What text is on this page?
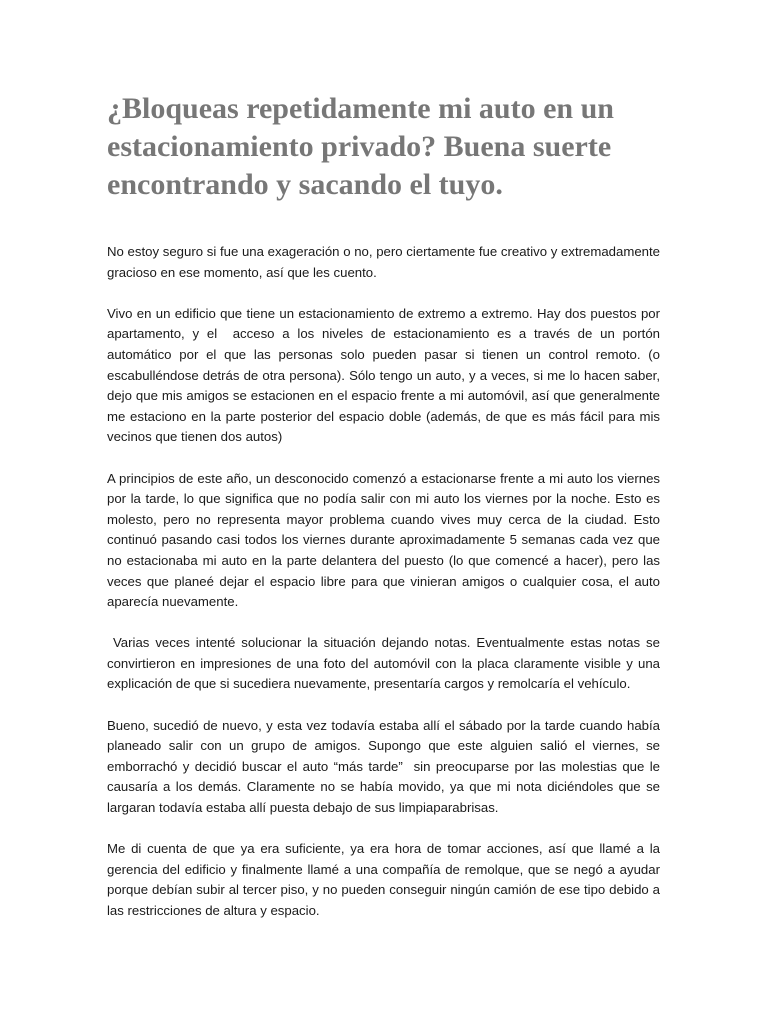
¿Bloqueas repetidamente mi auto en un estacionamiento privado? Buena suerte encontrando y sacando el tuyo.

No estoy seguro si fue una exageración o no, pero ciertamente fue creativo y extremadamente gracioso en ese momento, así que les cuento.

Vivo en un edificio que tiene un estacionamiento de extremo a extremo. Hay dos puestos por apartamento, y el  acceso a los niveles de estacionamiento es a través de un portón automático por el que las personas solo pueden pasar si tienen un control remoto. (o escabulléndose detrás de otra persona). Sólo tengo un auto, y a veces, si me lo hacen saber, dejo que mis amigos se estacionen en el espacio frente a mi automóvil, así que generalmente me estaciono en la parte posterior del espacio doble (además, de que es más fácil para mis vecinos que tienen dos autos)

A principios de este año, un desconocido comenzó a estacionarse frente a mi auto los viernes por la tarde, lo que significa que no podía salir con mi auto los viernes por la noche. Esto es molesto, pero no representa mayor problema cuando vives muy cerca de la ciudad. Esto continuó pasando casi todos los viernes durante aproximadamente 5 semanas cada vez que no estacionaba mi auto en la parte delantera del puesto (lo que comencé a hacer), pero las veces que planeé dejar el espacio libre para que vinieran amigos o cualquier cosa, el auto aparecía nuevamente.

Varias veces intenté solucionar la situación dejando notas. Eventualmente estas notas se convirtieron en impresiones de una foto del automóvil con la placa claramente visible y una explicación de que si sucediera nuevamente, presentaría cargos y remolcaría el vehículo.

Bueno, sucedió de nuevo, y esta vez todavía estaba allí el sábado por la tarde cuando había planeado salir con un grupo de amigos. Supongo que este alguien salió el viernes, se emborrachó y decidió buscar el auto “más tarde”  sin preocuparse por las molestias que le causaría a los demás. Claramente no se había movido, ya que mi nota diciéndoles que se largaran todavía estaba allí puesta debajo de sus limpiaparabrisas.

Me di cuenta de que ya era suficiente, ya era hora de tomar acciones, así que llamé a la gerencia del edificio y finalmente llamé a una compañía de remolque, que se negó a ayudar porque debían subir al tercer piso, y no pueden conseguir ningún camión de ese tipo debido a las restricciones de altura y espacio.
